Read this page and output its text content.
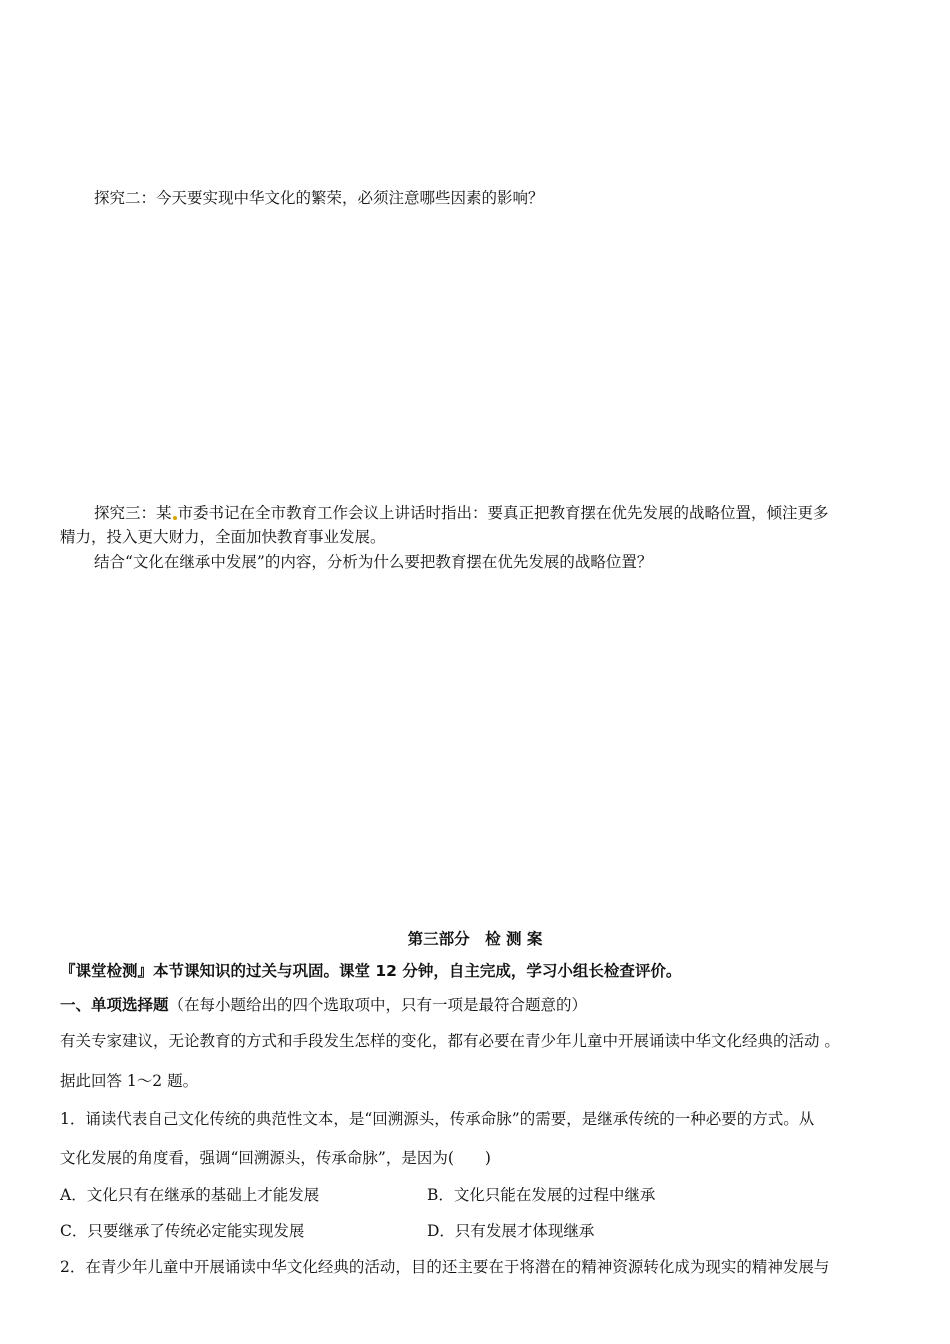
探究二：今天要实现中华文化的繁荣，必须注意哪些因素的影响？
探究三：某 市委书记在全市教育工作会议上讲话时指出：要真正把教育摆在优先发展的战略位置，倾注更多
精力，投入更大财力，全面加快教育事业发展。
结合“文化在继承中发展”的内容，分析为什么要把教育摆在优先发展的战略位置？
第三部分　检 测 案
『课堂检测』本节课知识的过关与巩固。课堂 12 分钟，自主完成，学习小组长检查评价。
一、单项选择题（在每小题给出的四个选取项中，只有一项是最符合题意的）
有关专家建议，无论教育的方式和手段发生怎样的变化，都有必要在青少年儿童中开展诵读中华文化经典的活动 。
据此回答 1～2 题。
1．诵读代表自己文化传统的典范性文本，是“回溯源头，传承命脉”的需要，是继承传统的一种必要的方式。从
文化发展的角度看，强调“回溯源头，传承命脉”，是因为(　　)
A．文化只有在继承的基础上才能发展	B．文化只能在发展的过程中继承
C．只要继承了传统必定能实现发展	D．只有发展才体现继承
2．在青少年儿童中开展诵读中华文化经典的活动，目的还主要在于将潜在的精神资源转化成为现实的精神发展与
